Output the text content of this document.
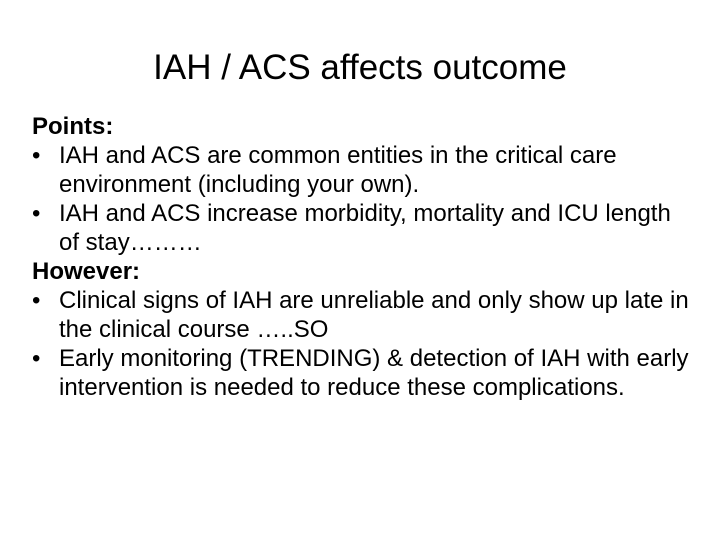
IAH / ACS affects outcome
Points:
• IAH and ACS are common entities in the critical care environment (including your own).
• IAH and ACS increase morbidity, mortality and ICU length of stay………
However:
• Clinical signs of IAH are unreliable and only show up late in the clinical course …..SO
• Early monitoring (TRENDING) & detection of IAH with early intervention is needed to reduce these complications.
